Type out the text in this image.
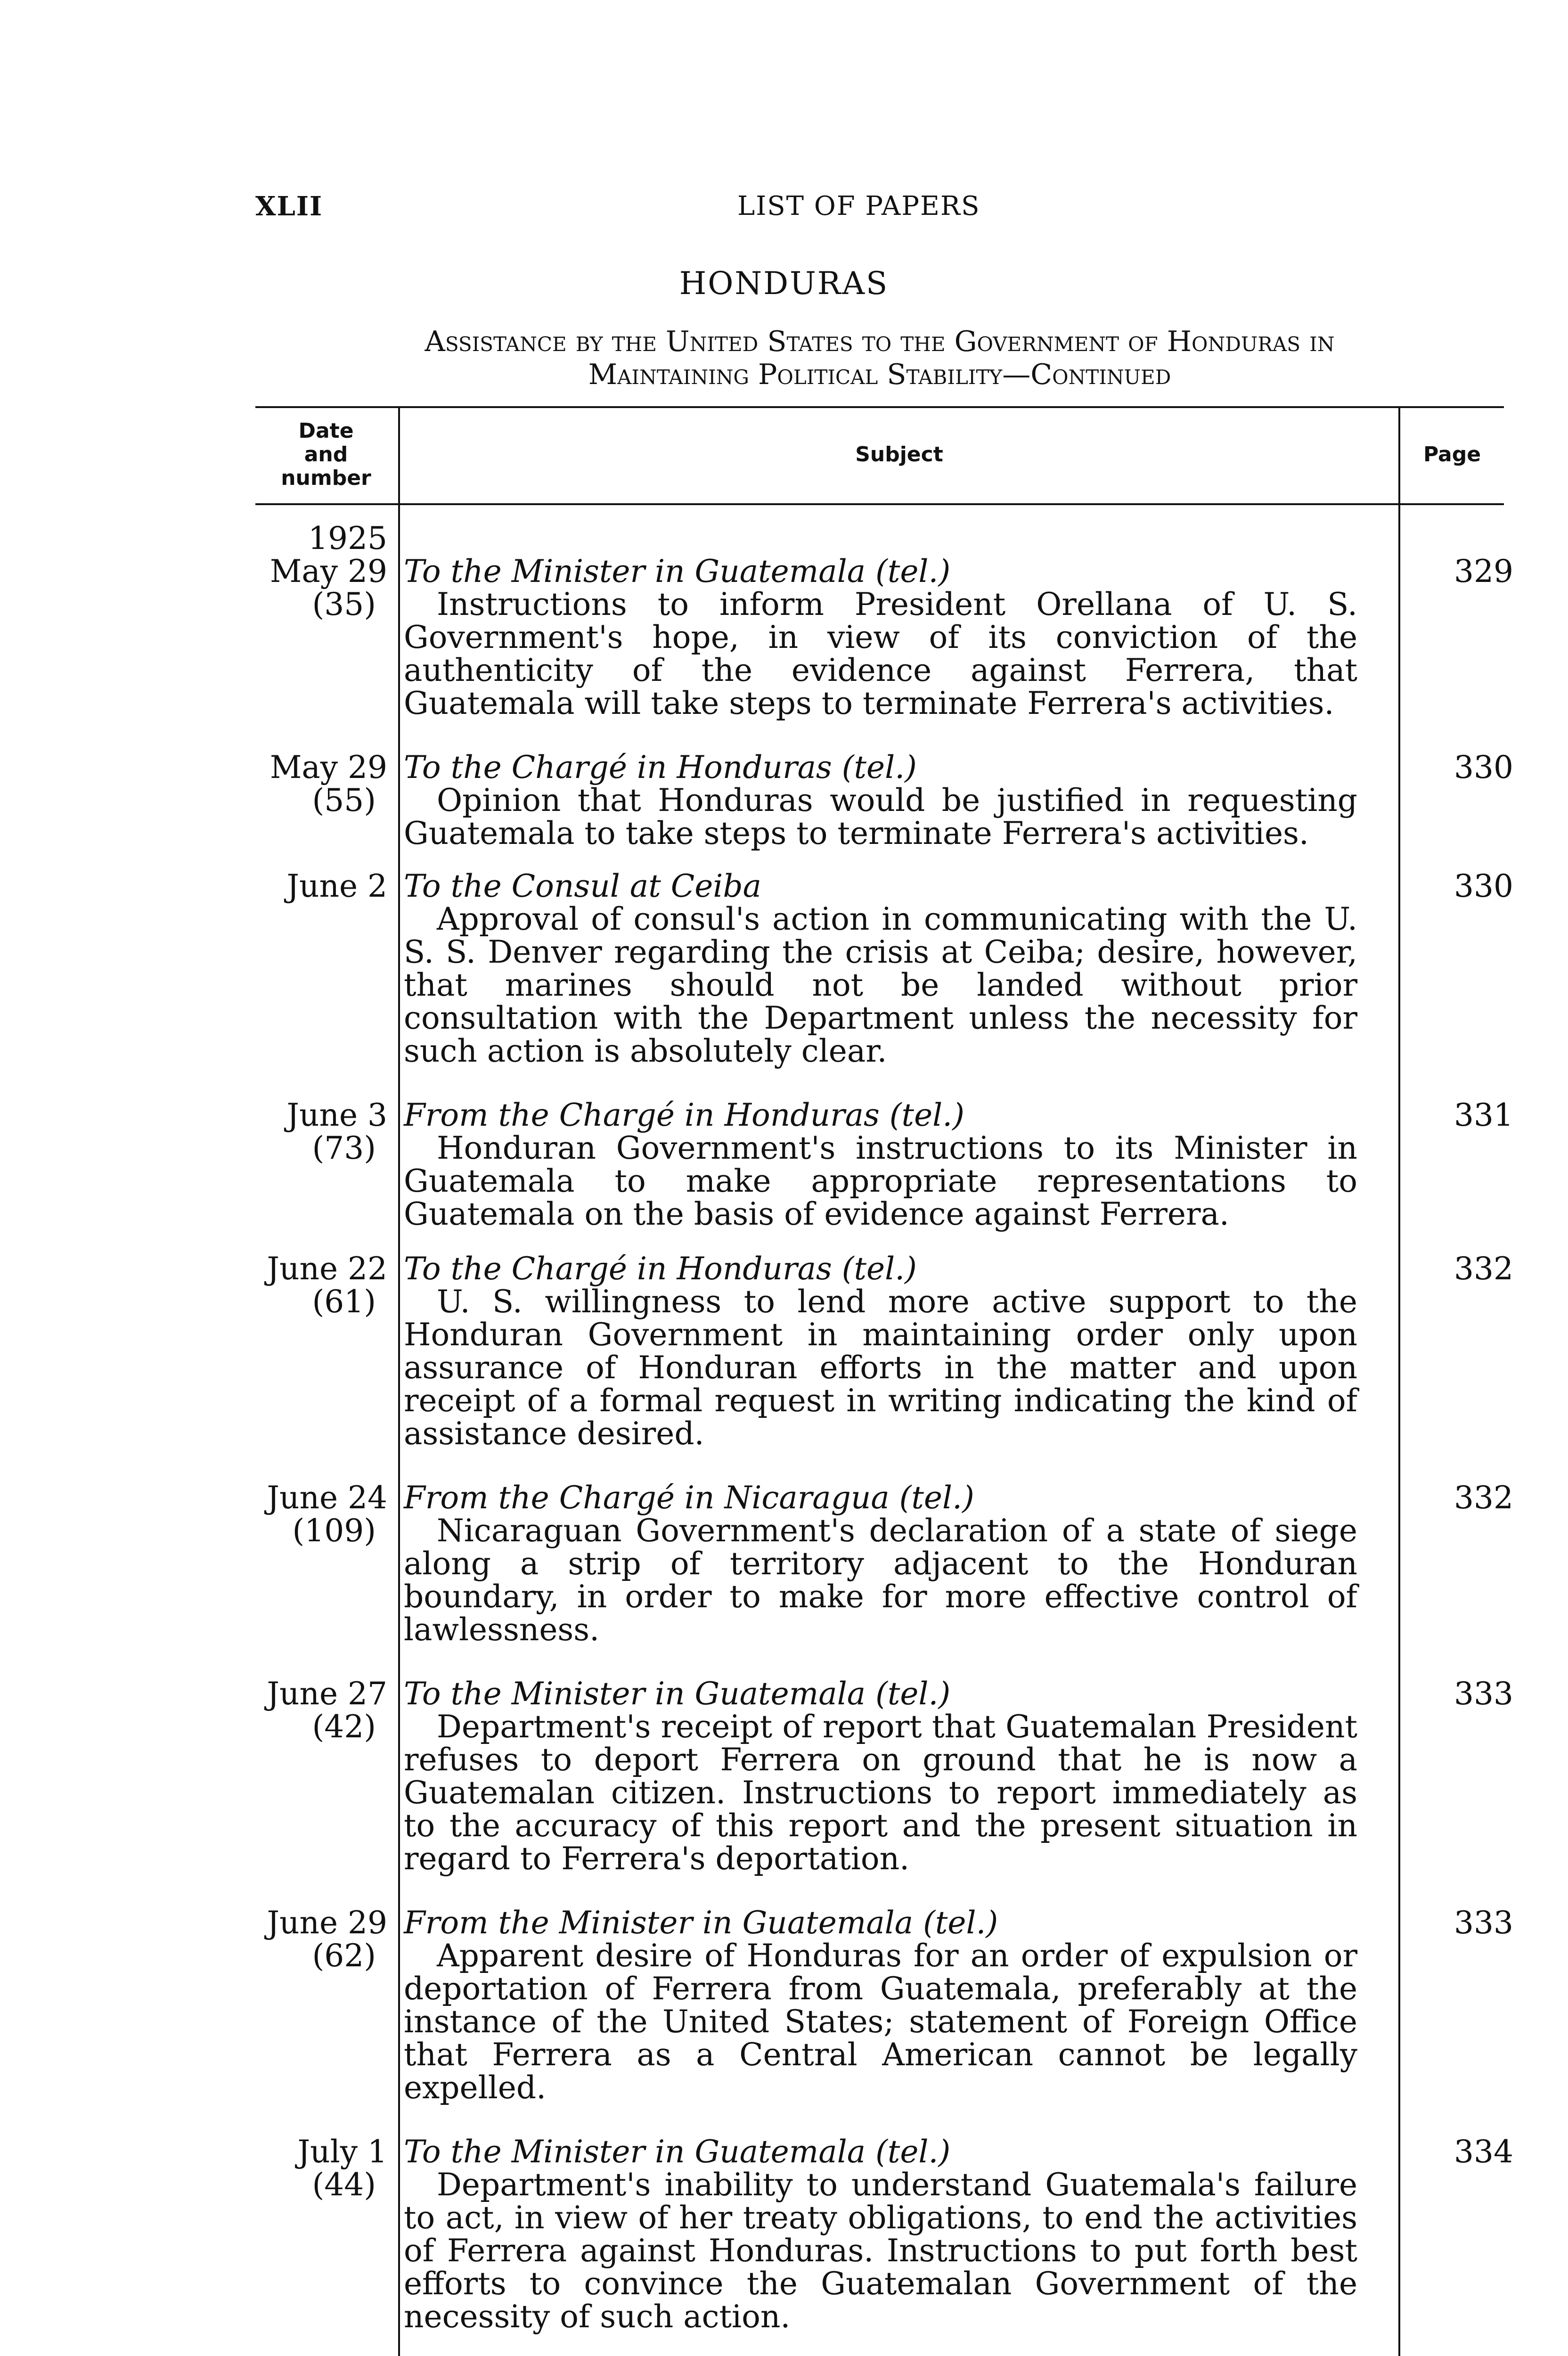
XLII	LIST OF PAPERS
HONDURAS
Assistance by the United States to the Government of Honduras in
Maintaining Political Stability—Continued
Date and number
Subject	Page
1925
May 29
(35)
To the Minister in Guatemala (tel.)
Instructions to inform President Orellana of U. S. Government's hope, in view of its conviction of the authenticity of the evidence against Ferrera, that Guatemala will take steps to terminate Ferrera's activities.
329
May 29
(55)
To the Chargé in Honduras (tel.)
Opinion that Honduras would be justified in requesting Guatemala to take steps to terminate Ferrera's activities.
330
June 2 To the Consul at Ceiba
Approval of consul's action in communicating with the U. S. S. Denver regarding the crisis at Ceiba; desire, however, that marines should not be landed without prior consultation with the Department unless the necessity for such action is absolutely clear.
330
June 3
(73)
From the Chargé in Honduras (tel.)
Honduran Government's instructions to its Minister in Guatemala to make appropriate representations to Guatemala on the basis of evidence against Ferrera.
331
June 22
(61)
To the Chargé in Honduras (tel.)
U. S. willingness to lend more active support to the Honduran Government in maintaining order only upon assurance of Honduran efforts in the matter and upon receipt of a formal request in writing indicating the kind of assistance desired.
332
June 24
(109)
From the Chargé in Nicaragua (tel.)
Nicaraguan Government's declaration of a state of siege along a strip of territory adjacent to the Honduran boundary, in order to make for more effective control of lawlessness.
332
June 27
(42)
To the Minister in Guatemala (tel.)
Department's receipt of report that Guatemalan President refuses to deport Ferrera on ground that he is now a Guatemalan citizen. Instructions to report immediately as to the accuracy of this report and the present situation in regard to Ferrera's deportation.
333
June 29
(62)
From the Minister in Guatemala (tel.)
Apparent desire of Honduras for an order of expulsion or deportation of Ferrera from Guatemala, preferably at the instance of the United States; statement of Foreign Office that Ferrera as a Central American cannot be legally expelled.
333
July 1
(44)
To the Minister in Guatemala (tel.)
Department's inability to understand Guatemala's failure to act, in view of her treaty obligations, to end the activities of Ferrera against Honduras. Instructions to put forth best efforts to convince the Guatemalan Government of the necessity of such action.
334
